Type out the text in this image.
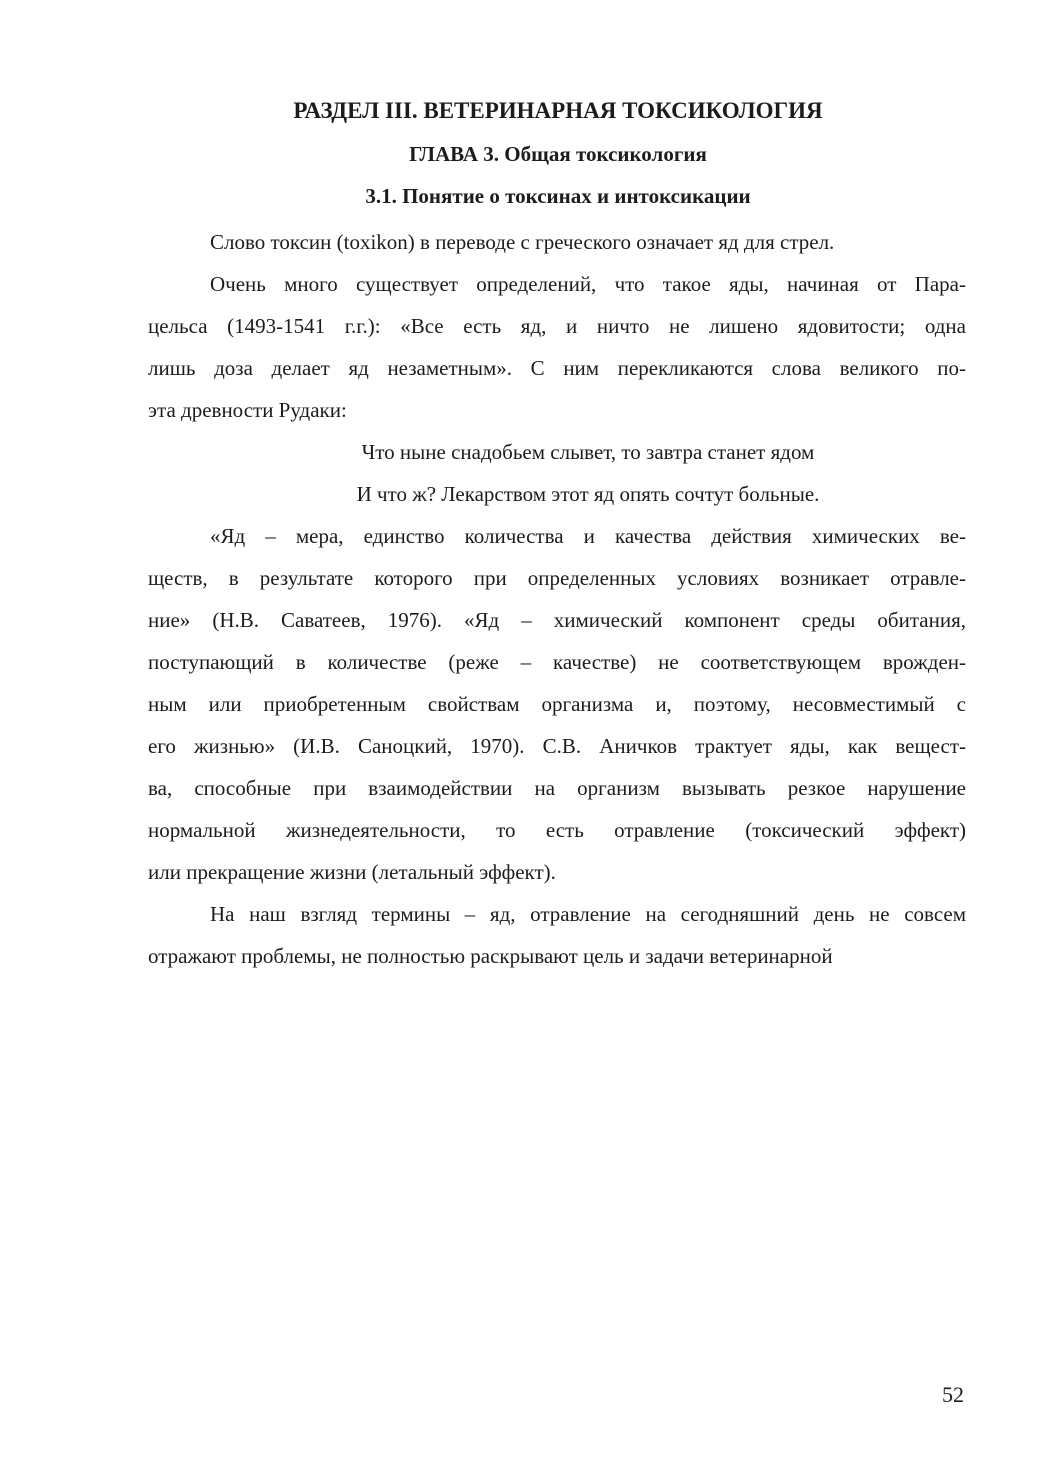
РАЗДЕЛ III. ВЕТЕРИНАРНАЯ ТОКСИКОЛОГИЯ
ГЛАВА 3. Общая токсикология
3.1. Понятие о токсинах и интоксикации
Слово токсин (toxikon) в переводе с греческого означает яд для стрел.
Очень много существует определений, что такое яды, начиная от Пара-
цельса (1493-1541 г.г.): «Все есть яд, и ничто не лишено ядовитости; одна
лишь доза делает яд незаметным». С ним перекликаются слова великого по-
эта древности Рудаки:
Что ныне снадобьем слывет, то завтра станет ядом
И что ж? Лекарством этот яд опять сочтут больные.
«Яд – мера, единство количества и качества действия химических ве-
ществ, в результате которого при определенных условиях возникает отравле-
ние» (Н.В. Саватеев, 1976). «Яд – химический компонент среды обитания,
поступающий в количестве (реже – качестве) не соответствующем врожден-
ным или приобретенным свойствам организма и, поэтому, несовместимый с
его жизнью» (И.В. Саноцкий, 1970). С.В. Аничков трактует яды, как вещест-
ва, способные при взаимодействии на организм вызывать резкое нарушение
нормальной жизнедеятельности, то есть отравление (токсический эффект)
или прекращение жизни (летальный эффект).
На наш взгляд термины – яд, отравление на сегодняшний день не совсем
отражают проблемы, не полностью раскрывают цель и задачи ветеринарной
52
